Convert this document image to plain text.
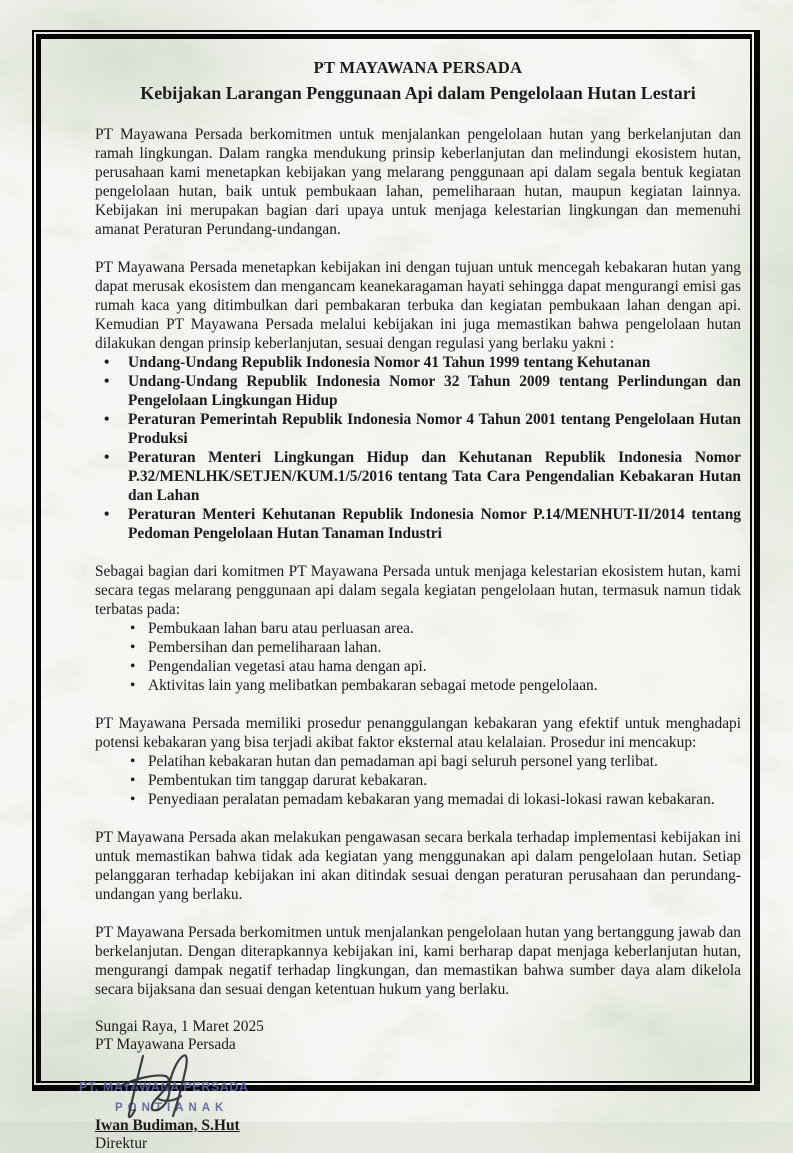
PT MAYAWANA PERSADA
Kebijakan Larangan Penggunaan Api dalam Pengelolaan Hutan Lestari

PT Mayawana Persada berkomitmen untuk menjalankan pengelolaan hutan yang berkelanjutan dan ramah lingkungan. Dalam rangka mendukung prinsip keberlanjutan dan melindungi ekosistem hutan, perusahaan kami menetapkan kebijakan yang melarang penggunaan api dalam segala bentuk kegiatan pengelolaan hutan, baik untuk pembukaan lahan, pemeliharaan hutan, maupun kegiatan lainnya. Kebijakan ini merupakan bagian dari upaya untuk menjaga kelestarian lingkungan dan memenuhi amanat Peraturan Perundang-undangan.

PT Mayawana Persada menetapkan kebijakan ini dengan tujuan untuk mencegah kebakaran hutan yang dapat merusak ekosistem dan mengancam keanekaragaman hayati sehingga dapat mengurangi emisi gas rumah kaca yang ditimbulkan dari pembakaran terbuka dan kegiatan pembukaan lahan dengan api. Kemudian PT Mayawana Persada melalui kebijakan ini juga memastikan bahwa pengelolaan hutan dilakukan dengan prinsip keberlanjutan, sesuai dengan regulasi yang berlaku yakni :

• Undang-Undang Republik Indonesia Nomor 41 Tahun 1999 tentang Kehutanan
• Undang-Undang Republik Indonesia Nomor 32 Tahun 2009 tentang Perlindungan dan Pengelolaan Lingkungan Hidup
• Peraturan Pemerintah Republik Indonesia Nomor 4 Tahun 2001 tentang Pengelolaan Hutan Produksi
• Peraturan Menteri Lingkungan Hidup dan Kehutanan Republik Indonesia Nomor P.32/MENLHK/SETJEN/KUM.1/5/2016 tentang Tata Cara Pengendalian Kebakaran Hutan dan Lahan
• Peraturan Menteri Kehutanan Republik Indonesia Nomor P.14/MENHUT-II/2014 tentang Pedoman Pengelolaan Hutan Tanaman Industri

Sebagai bagian dari komitmen PT Mayawana Persada untuk menjaga kelestarian ekosistem hutan, kami secara tegas melarang penggunaan api dalam segala kegiatan pengelolaan hutan, termasuk namun tidak terbatas pada:

• Pembukaan lahan baru atau perluasan area.
• Pembersihan dan pemeliharaan lahan.
• Pengendalian vegetasi atau hama dengan api.
• Aktivitas lain yang melibatkan pembakaran sebagai metode pengelolaan.

PT Mayawana Persada memiliki prosedur penanggulangan kebakaran yang efektif untuk menghadapi potensi kebakaran yang bisa terjadi akibat faktor eksternal atau kelalaian. Prosedur ini mencakup:

• Pelatihan kebakaran hutan dan pemadaman api bagi seluruh personel yang terlibat.
• Pembentukan tim tanggap darurat kebakaran.
• Penyediaan peralatan pemadam kebakaran yang memadai di lokasi-lokasi rawan kebakaran.

PT Mayawana Persada akan melakukan pengawasan secara berkala terhadap implementasi kebijakan ini untuk memastikan bahwa tidak ada kegiatan yang menggunakan api dalam pengelolaan hutan. Setiap pelanggaran terhadap kebijakan ini akan ditindak sesuai dengan peraturan perusahaan dan perundang-undangan yang berlaku.

PT Mayawana Persada berkomitmen untuk menjalankan pengelolaan hutan yang bertanggung jawab dan berkelanjutan. Dengan diterapkannya kebijakan ini, kami berharap dapat menjaga keberlanjutan hutan, mengurangi dampak negatif terhadap lingkungan, dan memastikan bahwa sumber daya alam dikelola secara bijaksana dan sesuai dengan ketentuan hukum yang berlaku.

Sungai Raya, 1 Maret 2025
PT Mayawana Persada
PT. MAYAWANA PERSADA
PONTIANAK
Iwan Budiman, S.Hut
Direktur
